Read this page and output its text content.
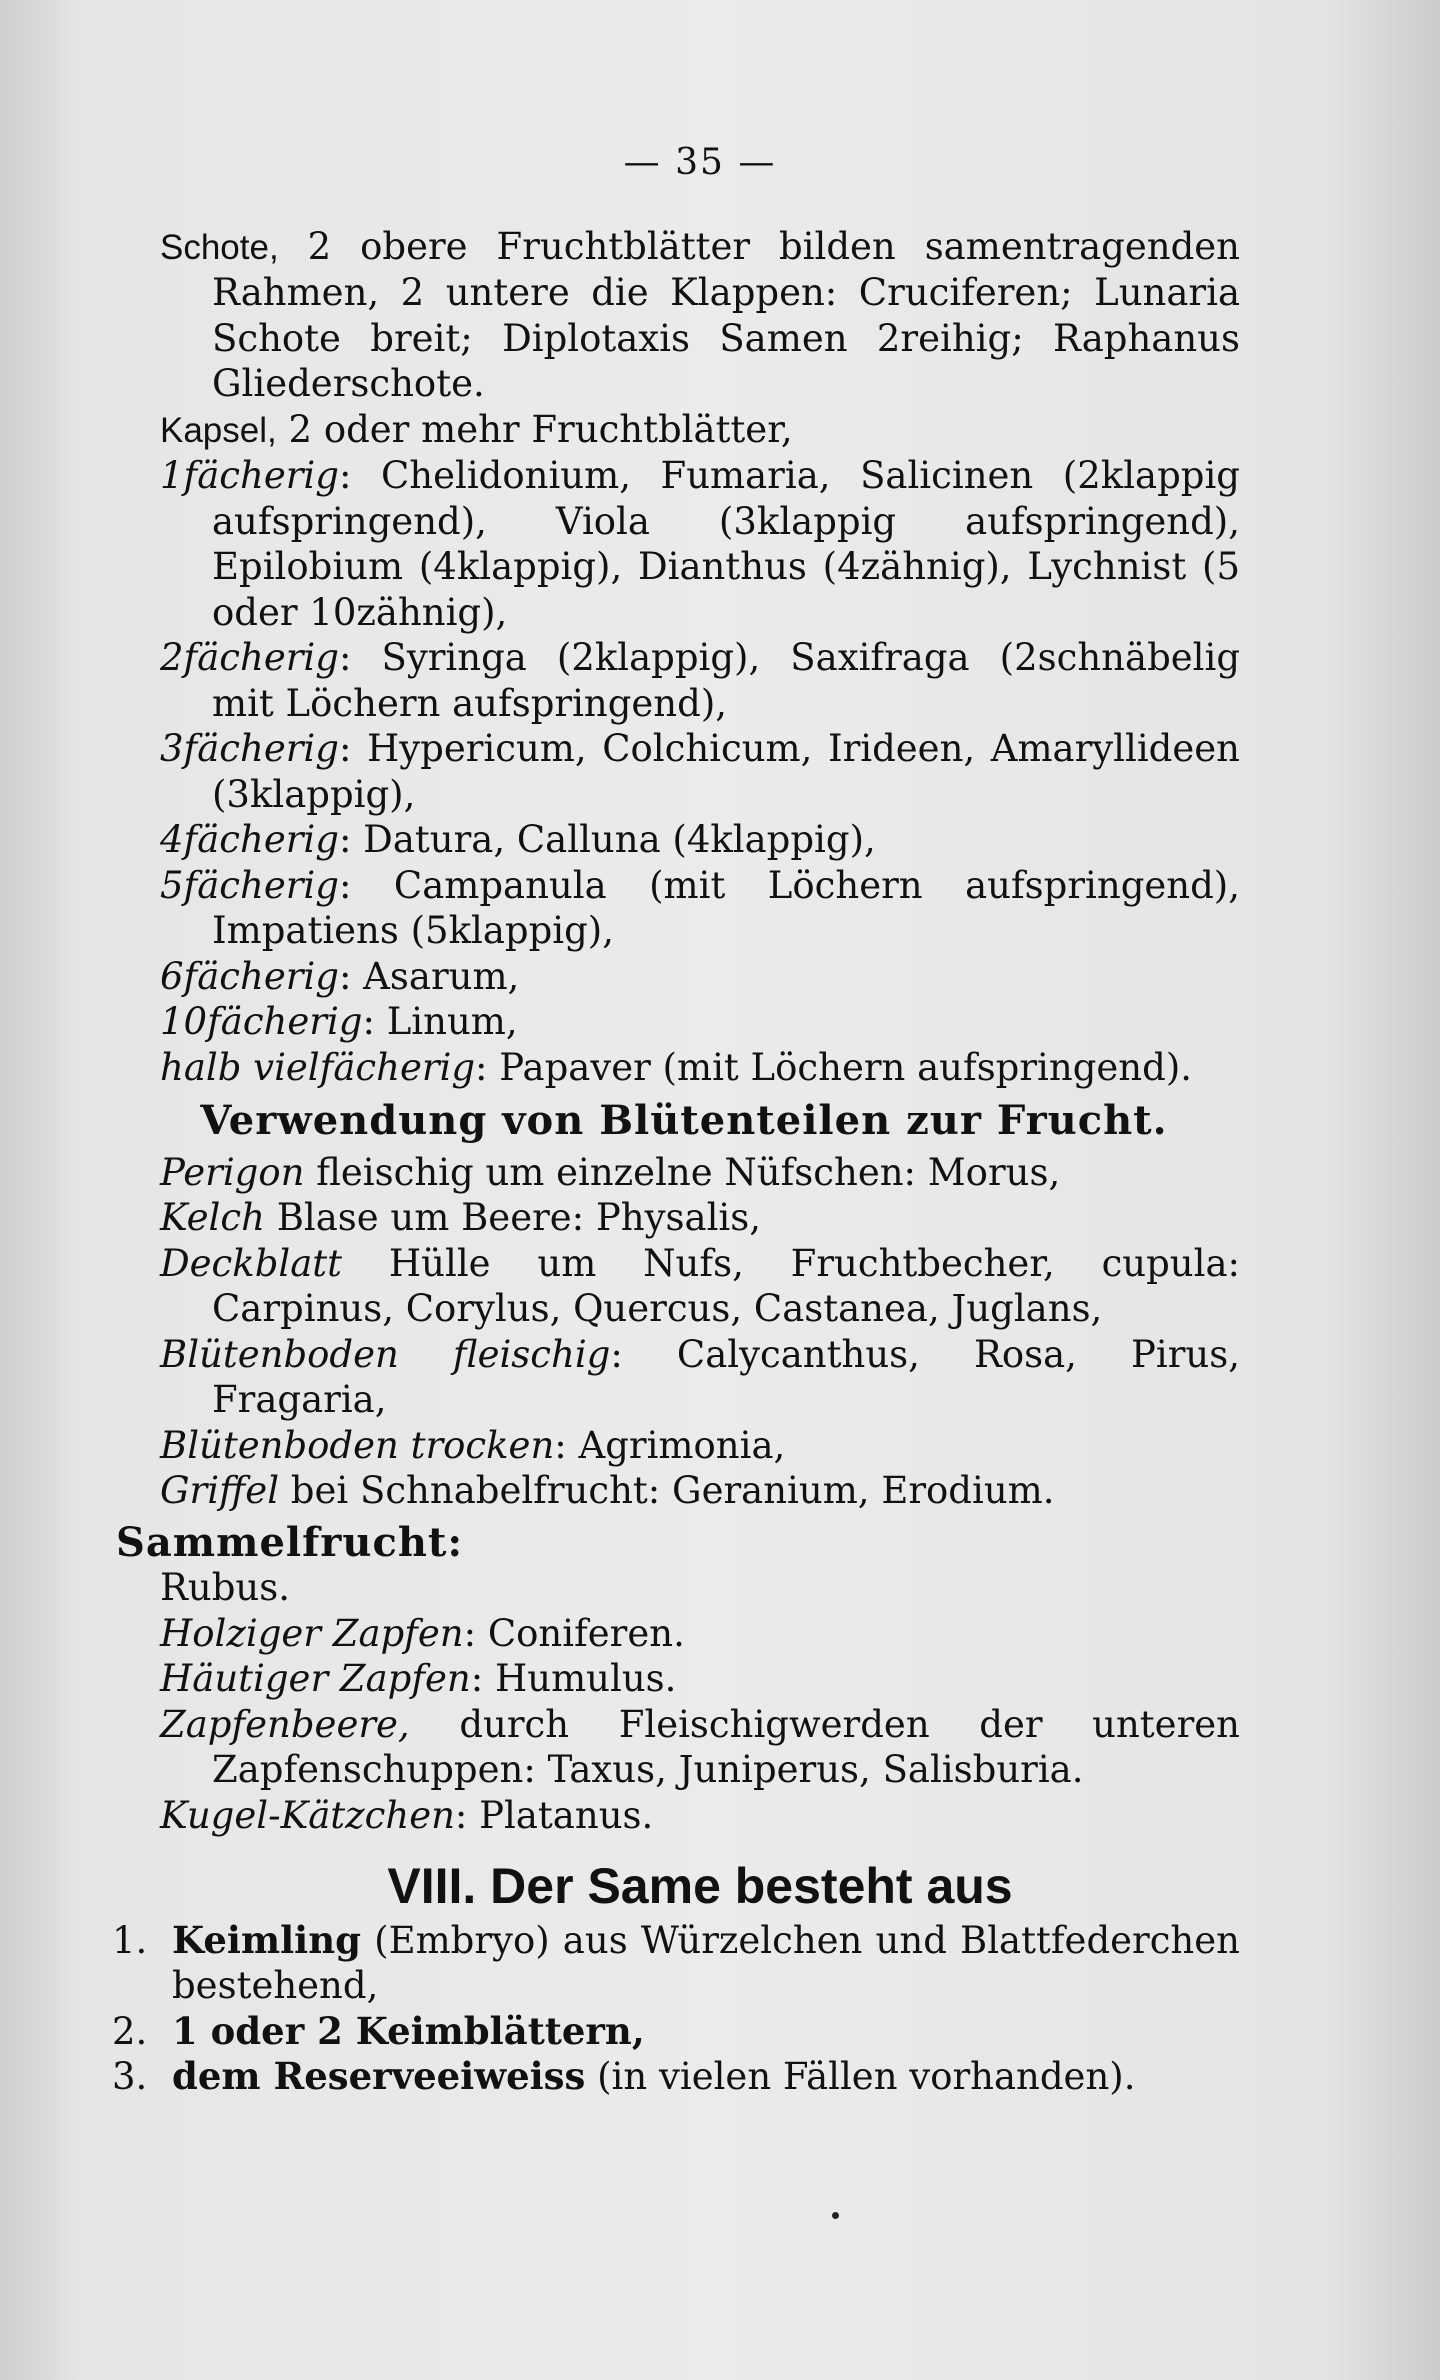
— 35 —

Schote, 2 obere Fruchtblätter bilden samentragenden Rahmen, 2 untere die Klappen: Cruciferen; Lunaria Schote breit; Diplotaxis Samen 2reihig; Raphanus Gliederschote.

Kapsel, 2 oder mehr Fruchtblätter,

1fächerig: Chelidonium, Fumaria, Salicinen (2klappig aufspringend), Viola (3klappig aufspringend), Epilobium (4klappig), Dianthus (4zähnig), Lychnist (5 oder 10zähnig),

2fächerig: Syringa (2klappig), Saxifraga (2schnäbelig mit Löchern aufspringend),

3fächerig: Hypericum, Colchicum, Irideen, Amaryllideen (3klappig),

4fächerig: Datura, Calluna (4klappig),

5fächerig: Campanula (mit Löchern aufspringend), Impatiens (5klappig),

6fächerig: Asarum,

10fächerig: Linum,

halb vielfächerig: Papaver (mit Löchern aufspringend).

Verwendung von Blütenteilen zur Frucht.

Perigon fleischig um einzelne Nüfschen: Morus,

Kelch Blase um Beere: Physalis,

Deckblatt Hülle um Nufs, Fruchtbecher, cupula: Carpinus, Corylus, Quercus, Castanea, Juglans,

Blütenboden fleischig: Calycanthus, Rosa, Pirus, Fragaria,

Blütenboden trocken: Agrimonia,

Griffel bei Schnabelfrucht: Geranium, Erodium.

Sammelfrucht:

Rubus.

Holziger Zapfen: Coniferen.

Häutiger Zapfen: Humulus.

Zapfenbeere, durch Fleischigwerden der unteren Zapfenschuppen: Taxus, Juniperus, Salisburia.

Kugel-Kätzchen: Platanus.

VIII. Der Same besteht aus
1. Keimling (Embryo) aus Würzelchen und Blattfederchen bestehend,
2. 1 oder 2 Keimblättern,
3. dem Reserveeiweiss (in vielen Fällen vorhanden).
